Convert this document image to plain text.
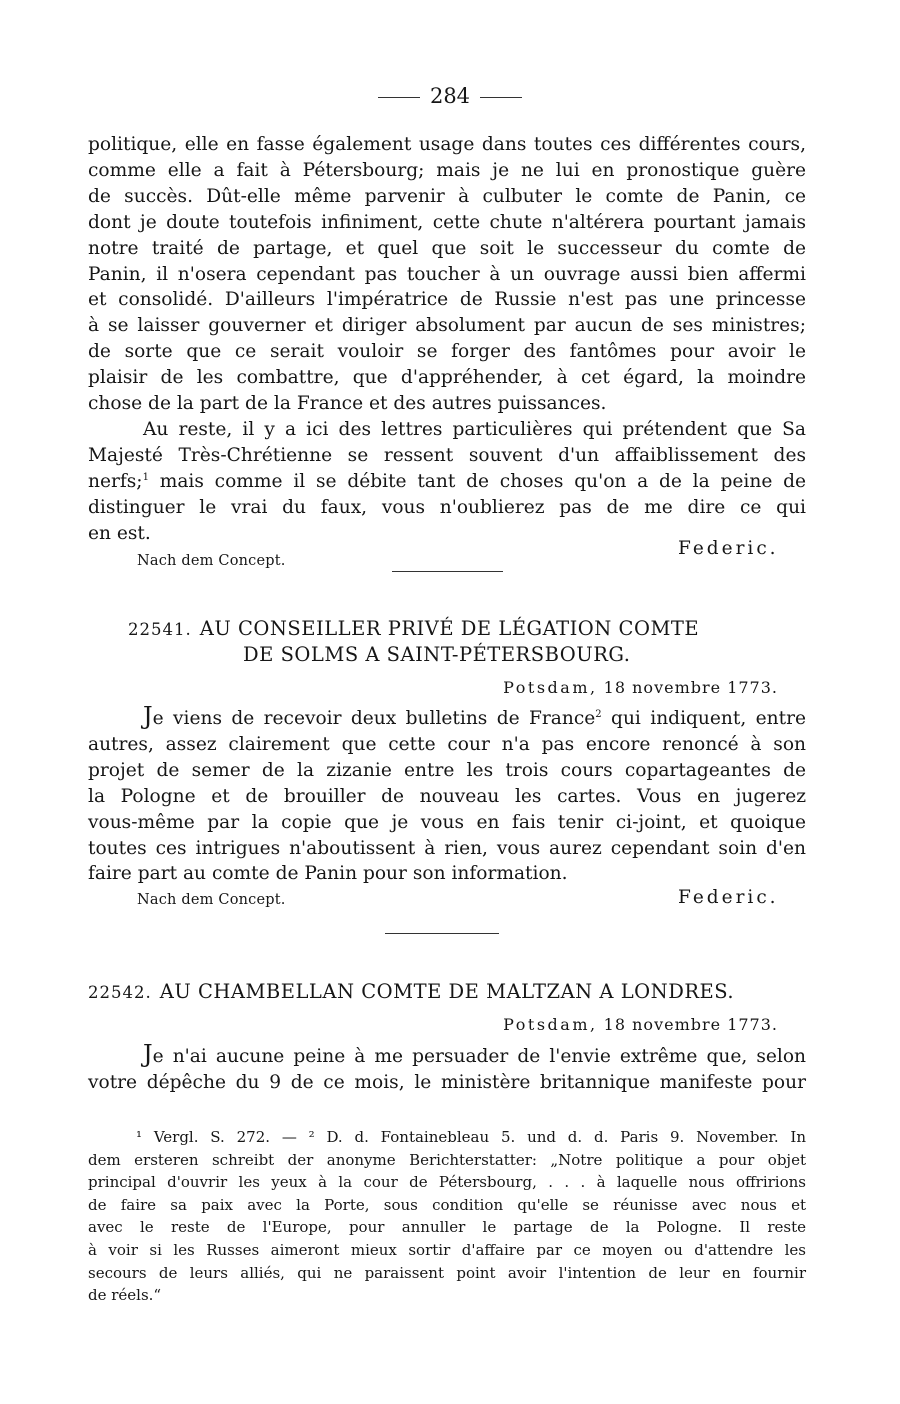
284
politique, elle en fasse également usage dans toutes ces différentes cours,
comme elle a fait à Pétersbourg; mais je ne lui en pronostique guère
de succès. Dût-elle même parvenir à culbuter le comte de Panin, ce
dont je doute toutefois infiniment, cette chute n'altérera pourtant jamais
notre traité de partage, et quel que soit le successeur du comte de
Panin, il n'osera cependant pas toucher à un ouvrage aussi bien affermi
et consolidé. D'ailleurs l'impératrice de Russie n'est pas une princesse
à se laisser gouverner et diriger absolument par aucun de ses ministres;
de sorte que ce serait vouloir se forger des fantômes pour avoir le
plaisir de les combattre, que d'appréhender, à cet égard, la moindre
chose de la part de la France et des autres puissances.
Au reste, il y a ici des lettres particulières qui prétendent que Sa
Majesté Très-Chrétienne se ressent souvent d'un affaiblissement des
nerfs;$^1$ mais comme il se débite tant de choses qu'on a de la peine de
distinguer le vrai du faux, vous n'oublierez pas de me dire ce qui
en est.
Nach dem Concept.
Federic.
22541. AU CONSEILLER PRIVÉ DE LÉGATION COMTE
DE SOLMS A SAINT-PÉTERSBOURG.
Potsdam, 18 novembre 1773.
Je viens de recevoir deux bulletins de France$^2$ qui indiquent, entre
autres, assez clairement que cette cour n'a pas encore renoncé à son
projet de semer de la zizanie entre les trois cours copartageantes de
la Pologne et de brouiller de nouveau les cartes. Vous en jugerez
vous-même par la copie que je vous en fais tenir ci-joint, et quoique
toutes ces intrigues n'aboutissent à rien, vous aurez cependant soin d'en
faire part au comte de Panin pour son information.
Nach dem Concept.	Federic.
22542. AU CHAMBELLAN COMTE DE MALTZAN A LONDRES.
Potsdam, 18 novembre 1773.
Je n'ai aucune peine à me persuader de l'envie extrême que, selon
votre dépêche du 9 de ce mois, le ministère britannique manifeste pour
¹ Vergl. S. 272. — ² D. d. Fontainebleau 5. und d. d. Paris 9. November. In
dem ersteren schreibt der anonyme Berichterstatter: „Notre politique a pour objet
principal d'ouvrir les yeux à la cour de Pétersbourg, . . . à laquelle nous offririons
de faire sa paix avec la Porte, sous condition qu'elle se réunisse avec nous et
avec le reste de l'Europe, pour annuller le partage de la Pologne. Il reste
à voir si les Russes aimeront mieux sortir d'affaire par ce moyen ou d'attendre les
secours de leurs alliés, qui ne paraissent point avoir l'intention de leur en fournir
de réels.“
